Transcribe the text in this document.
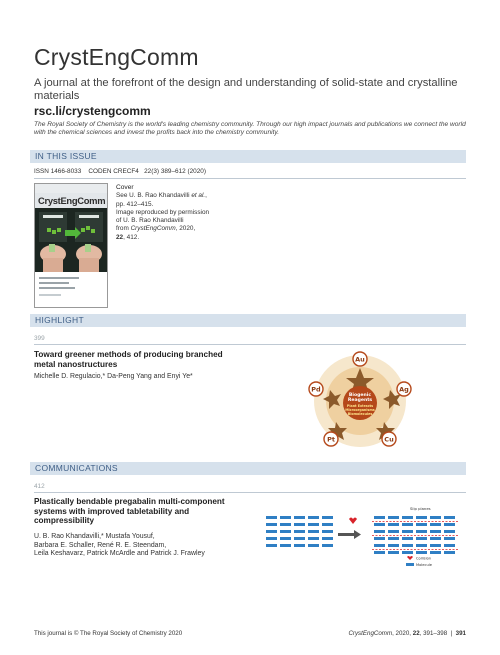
CrystEngComm
A journal at the forefront of the design and understanding of solid-state and crystalline materials
rsc.li/crystengcomm
The Royal Society of Chemistry is the world's leading chemistry community. Through our high impact journals and publications we connect the world with the chemical sciences and invest the profits back into the chemistry community.
IN THIS ISSUE
ISSN 1466-8033 CODEN CRECF4 22(3) 389–612 (2020)
CrystEngComm
Cover
See U. B. Rao Khandavilli et al.,
pp. 412–415.
Image reproduced by permission
of U. B. Rao Khandavilli
from CrystEngComm, 2020,
22, 412.
HIGHLIGHT
399
Toward greener methods of producing branched metal nanostructures
Michelle D. Regulacio,* Da-Peng Yang and Enyi Ye*
Biogenic
Reagents
Plant Extracts
Microorganisms
Biomolecules
Au
Ag
Cu
Pt
Pd
COMMUNICATIONS
412
Plastically bendable pregabalin multi-component systems with improved tabletability and compressibility
U. B. Rao Khandavilli,* Mustafa Yousuf,
Barbara E. Schaller, René R. E. Steendam,
Leila Keshavarz, Patrick McArdle and Patrick J. Frawley
Slip planes
Collision
Molecule
This journal is © The Royal Society of Chemistry 2020	CrystEngComm, 2020, 22, 391–398  |  391
